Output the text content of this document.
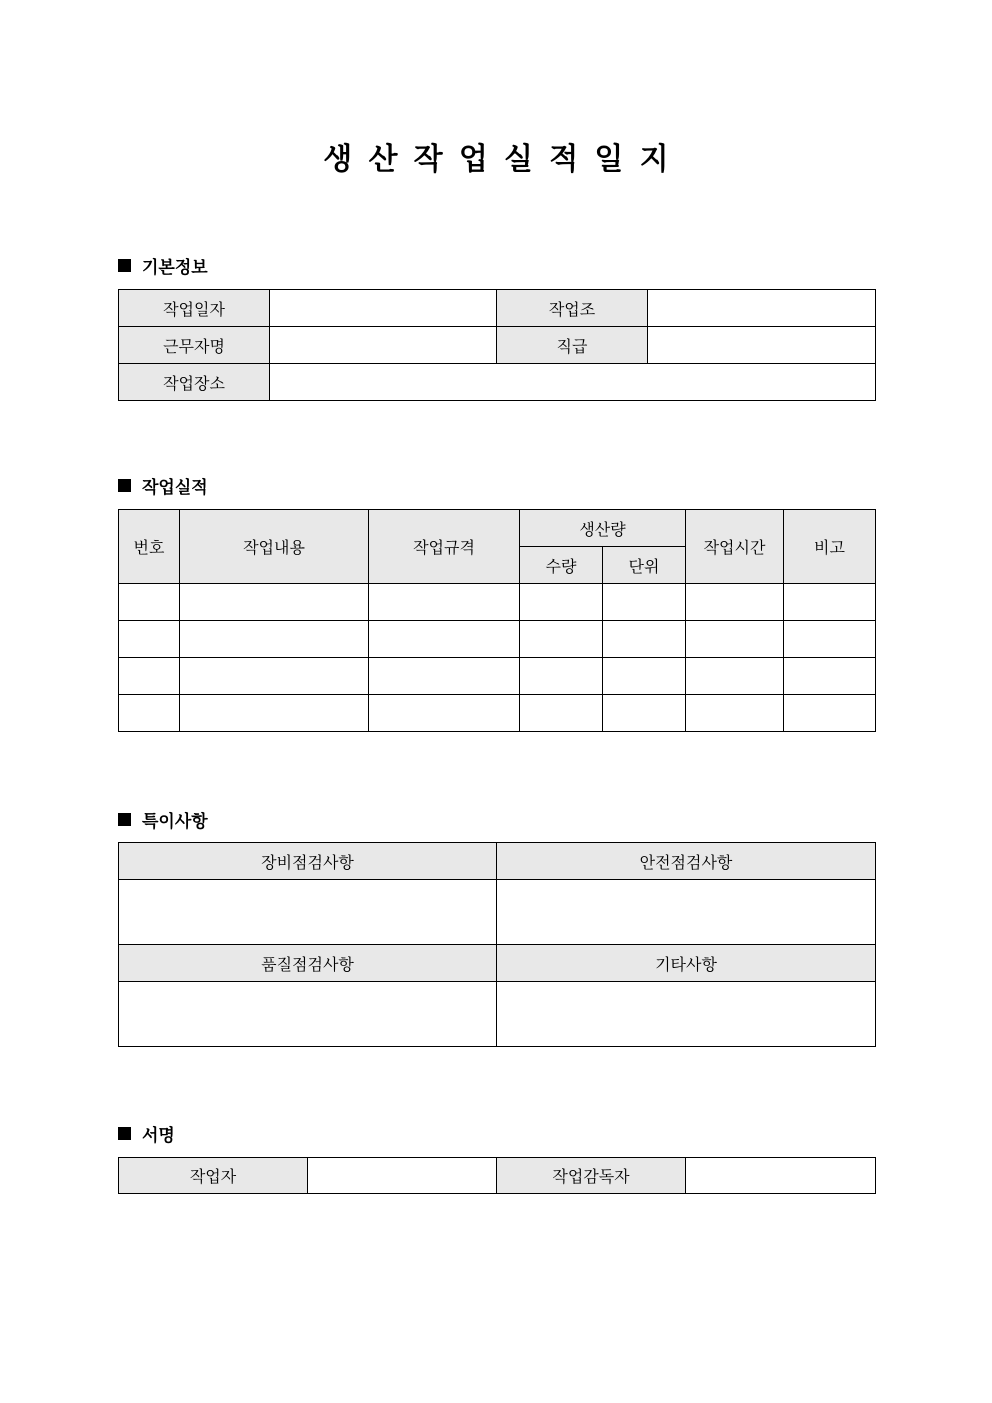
생 산 작 업 실 적 일 지
기본정보
작업일자		작업조	
근무자명		직급	
작업장소			
작업실적
번호	작업내용	작업규격	생산량		작업시간	비고
			수량	단위		

특이사항
장비점검사항	안전점검사항

품질점검사항	기타사항

서명
작업자		작업감독자	
